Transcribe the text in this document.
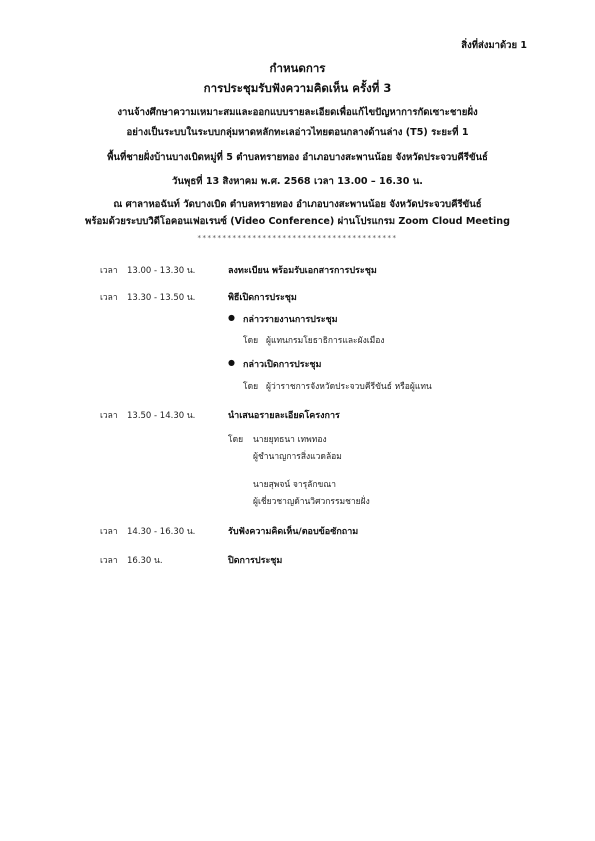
สิ่งที่ส่งมาด้วย 1
กำหนดการ
การประชุมรับฟังความคิดเห็น ครั้งที่ 3
งานจ้างศึกษาความเหมาะสมและออกแบบรายละเอียดเพื่อแก้ไขปัญหาการกัดเซาะชายฝั่ง
อย่างเป็นระบบในระบบกลุ่มหาดหลักทะเลอ่าวไทยตอนกลางด้านล่าง (T5) ระยะที่ 1
พื้นที่ชายฝั่งบ้านบางเบิดหมู่ที่ 5 ตำบลทรายทอง อำเภอบางสะพานน้อย จังหวัดประจวบคีรีขันธ์
วันพุธที่ 13 สิงหาคม พ.ศ. 2568 เวลา 13.00 – 16.30 น.
ณ ศาลาหอฉันท์ วัดบางเบิด ตำบลทรายทอง อำเภอบางสะพานน้อย จังหวัดประจวบคีรีขันธ์
พร้อมด้วยระบบวิดีโอคอนเฟอเรนซ์ (Video Conference) ผ่านโปรแกรม Zoom Cloud Meeting
****************************************
เวลา 13.00 - 13.30 น.	ลงทะเบียน พร้อมรับเอกสารการประชุม
เวลา 13.30 - 13.50 น.	พิธีเปิดการประชุม
● กล่าวรายงานการประชุม
โดย ผู้แทนกรมโยธาธิการและผังเมือง
● กล่าวเปิดการประชุม
โดย ผู้ว่าราชการจังหวัดประจวบคีรีขันธ์ หรือผู้แทน
เวลา 13.50 - 14.30 น.	นำเสนอรายละเอียดโครงการ
โดย นายยุทธนา เทพทอง
ผู้ชำนาญการสิ่งแวดล้อม
นายสุพจน์ จารุลักขณา
ผู้เชี่ยวชาญด้านวิศวกรรมชายฝั่ง
เวลา 14.30 - 16.30 น.	รับฟังความคิดเห็น/ตอบข้อซักถาม
เวลา 16.30 น.	ปิดการประชุม
